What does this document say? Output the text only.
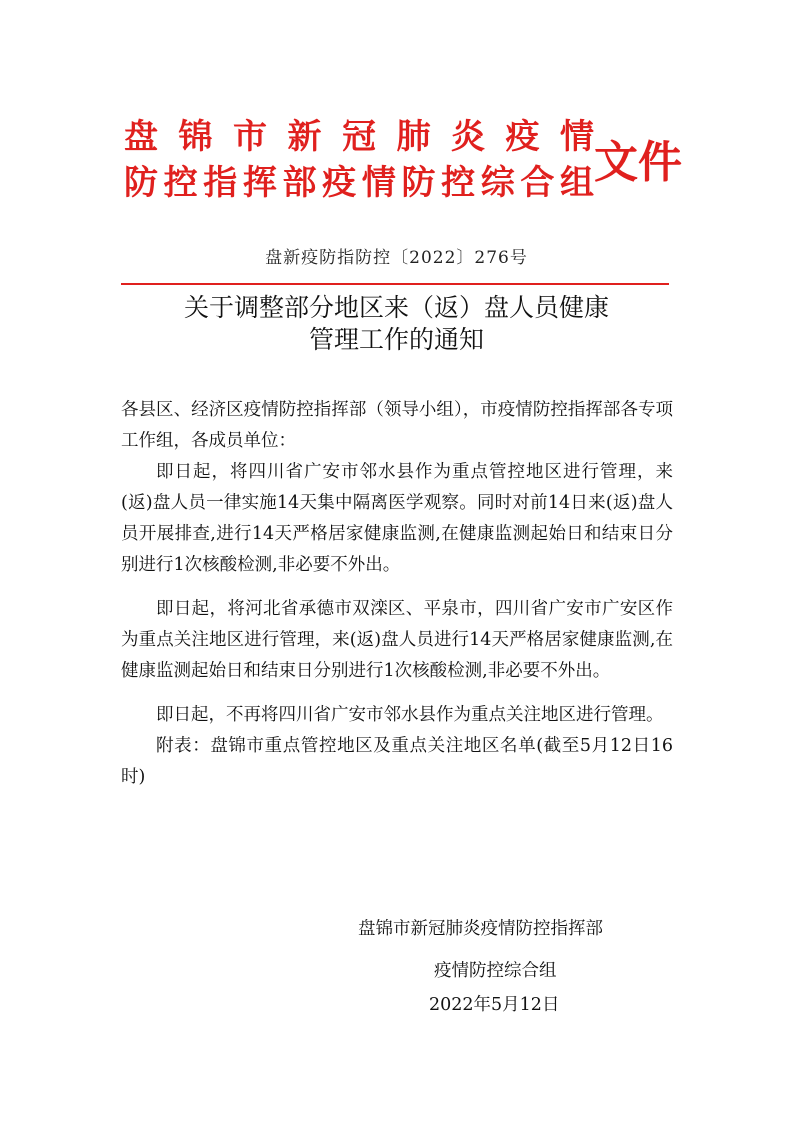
盘锦市新冠肺炎疫情
防控指挥部疫情防控综合组 文件
盘新疫防指防控〔2022〕276号
关于调整部分地区来（返）盘人员健康
管理工作的通知

各县区、经济区疫情防控指挥部（领导小组），市疫情防控指挥部各专项工作组，各成员单位：

即日起，将四川省广安市邻水县作为重点管控地区进行管理，来(返)盘人员一律实施14天集中隔离医学观察。同时对前14日来(返)盘人员开展排查,进行14天严格居家健康监测,在健康监测起始日和结束日分别进行1次核酸检测,非必要不外出。

即日起，将河北省承德市双滦区、平泉市，四川省广安市广安区作为重点关注地区进行管理，来(返)盘人员进行14天严格居家健康监测,在健康监测起始日和结束日分别进行1次核酸检测,非必要不外出。

即日起，不再将四川省广安市邻水县作为重点关注地区进行管理。

附表：盘锦市重点管控地区及重点关注地区名单(截至5月12日16时)

盘锦市新冠肺炎疫情防控指挥部
疫情防控综合组
2022年5月12日
